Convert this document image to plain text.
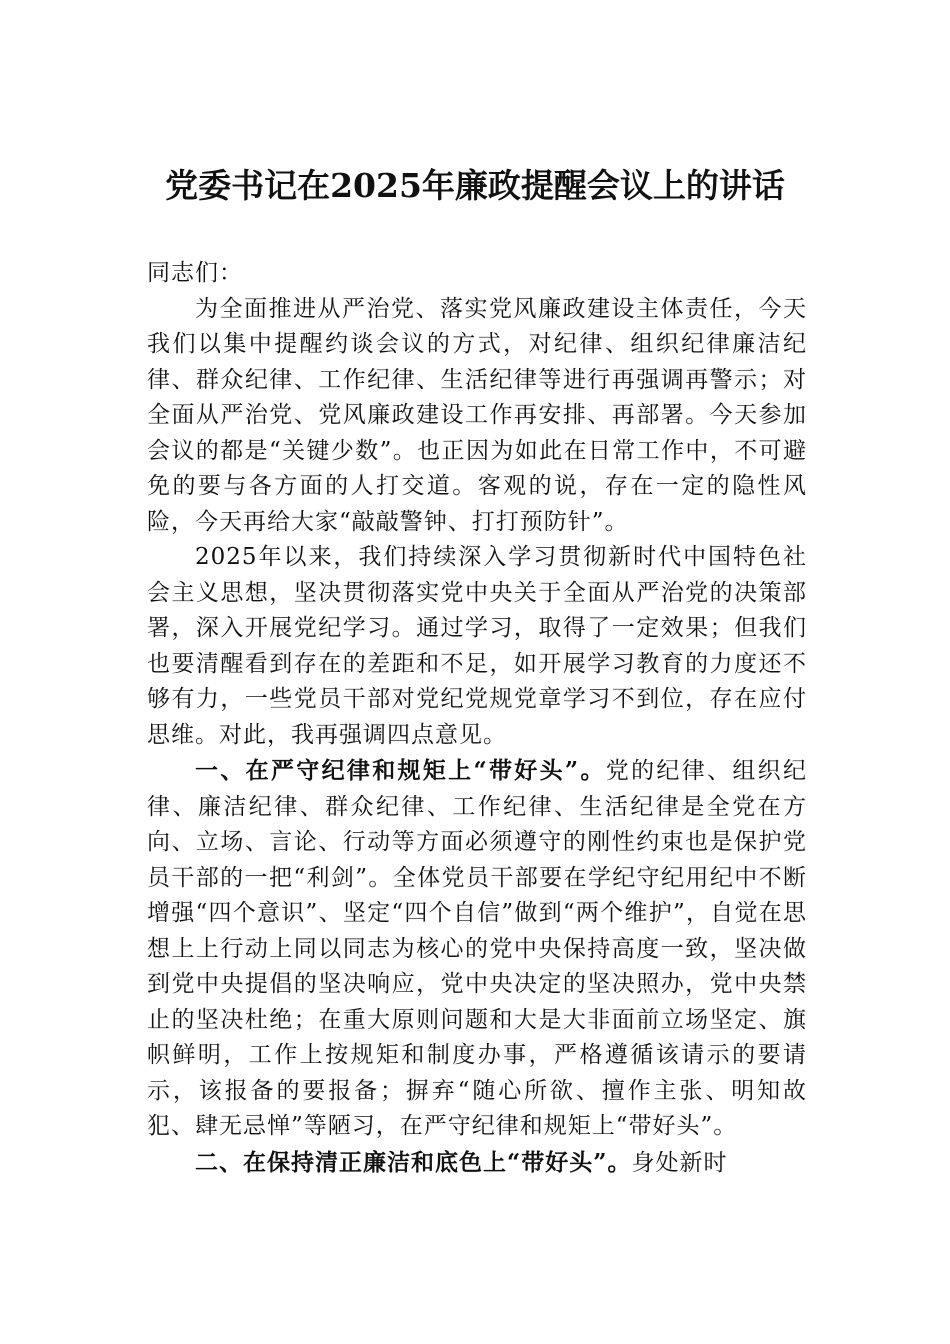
党委书记在2025年廉政提醒会议上的讲话

同志们：

为全面推进从严治党、落实党风廉政建设主体责任，今天我们以集中提醒约谈会议的方式，对纪律、组织纪律廉洁纪律、群众纪律、工作纪律、生活纪律等进行再强调再警示；对全面从严治党、党风廉政建设工作再安排、再部署。今天参加会议的都是“关键少数”。也正因为如此在日常工作中，不可避免的要与各方面的人打交道。客观的说，存在一定的隐性风险，今天再给大家“敲敲警钟、打打预防针”。

2025年以来，我们持续深入学习贯彻新时代中国特色社会主义思想，坚决贯彻落实党中央关于全面从严治党的决策部署，深入开展党纪学习。通过学习，取得了一定效果；但我们也要清醒看到存在的差距和不足，如开展学习教育的力度还不够有力，一些党员干部对党纪党规党章学习不到位，存在应付思维。对此，我再强调四点意见。

一、在严守纪律和规矩上“带好头”。党的纪律、组织纪律、廉洁纪律、群众纪律、工作纪律、生活纪律是全党在方向、立场、言论、行动等方面必须遵守的刚性约束也是保护党员干部的一把“利剑”。全体党员干部要在学纪守纪用纪中不断增强“四个意识”、坚定“四个自信”做到“两个维护”，自觉在思想上上行动上同以同志为核心的党中央保持高度一致，坚决做到党中央提倡的坚决响应，党中央决定的坚决照办，党中央禁止的坚决杜绝；在重大原则问题和大是大非面前立场坚定、旗帜鲜明，工作上按规矩和制度办事，严格遵循该请示的要请示，该报备的要报备；摒弃“随心所欲、擅作主张、明知故犯、肆无忌惮”等陋习，在严守纪律和规矩上“带好头”。

二、在保持清正廉洁和底色上“带好头”。身处新时
